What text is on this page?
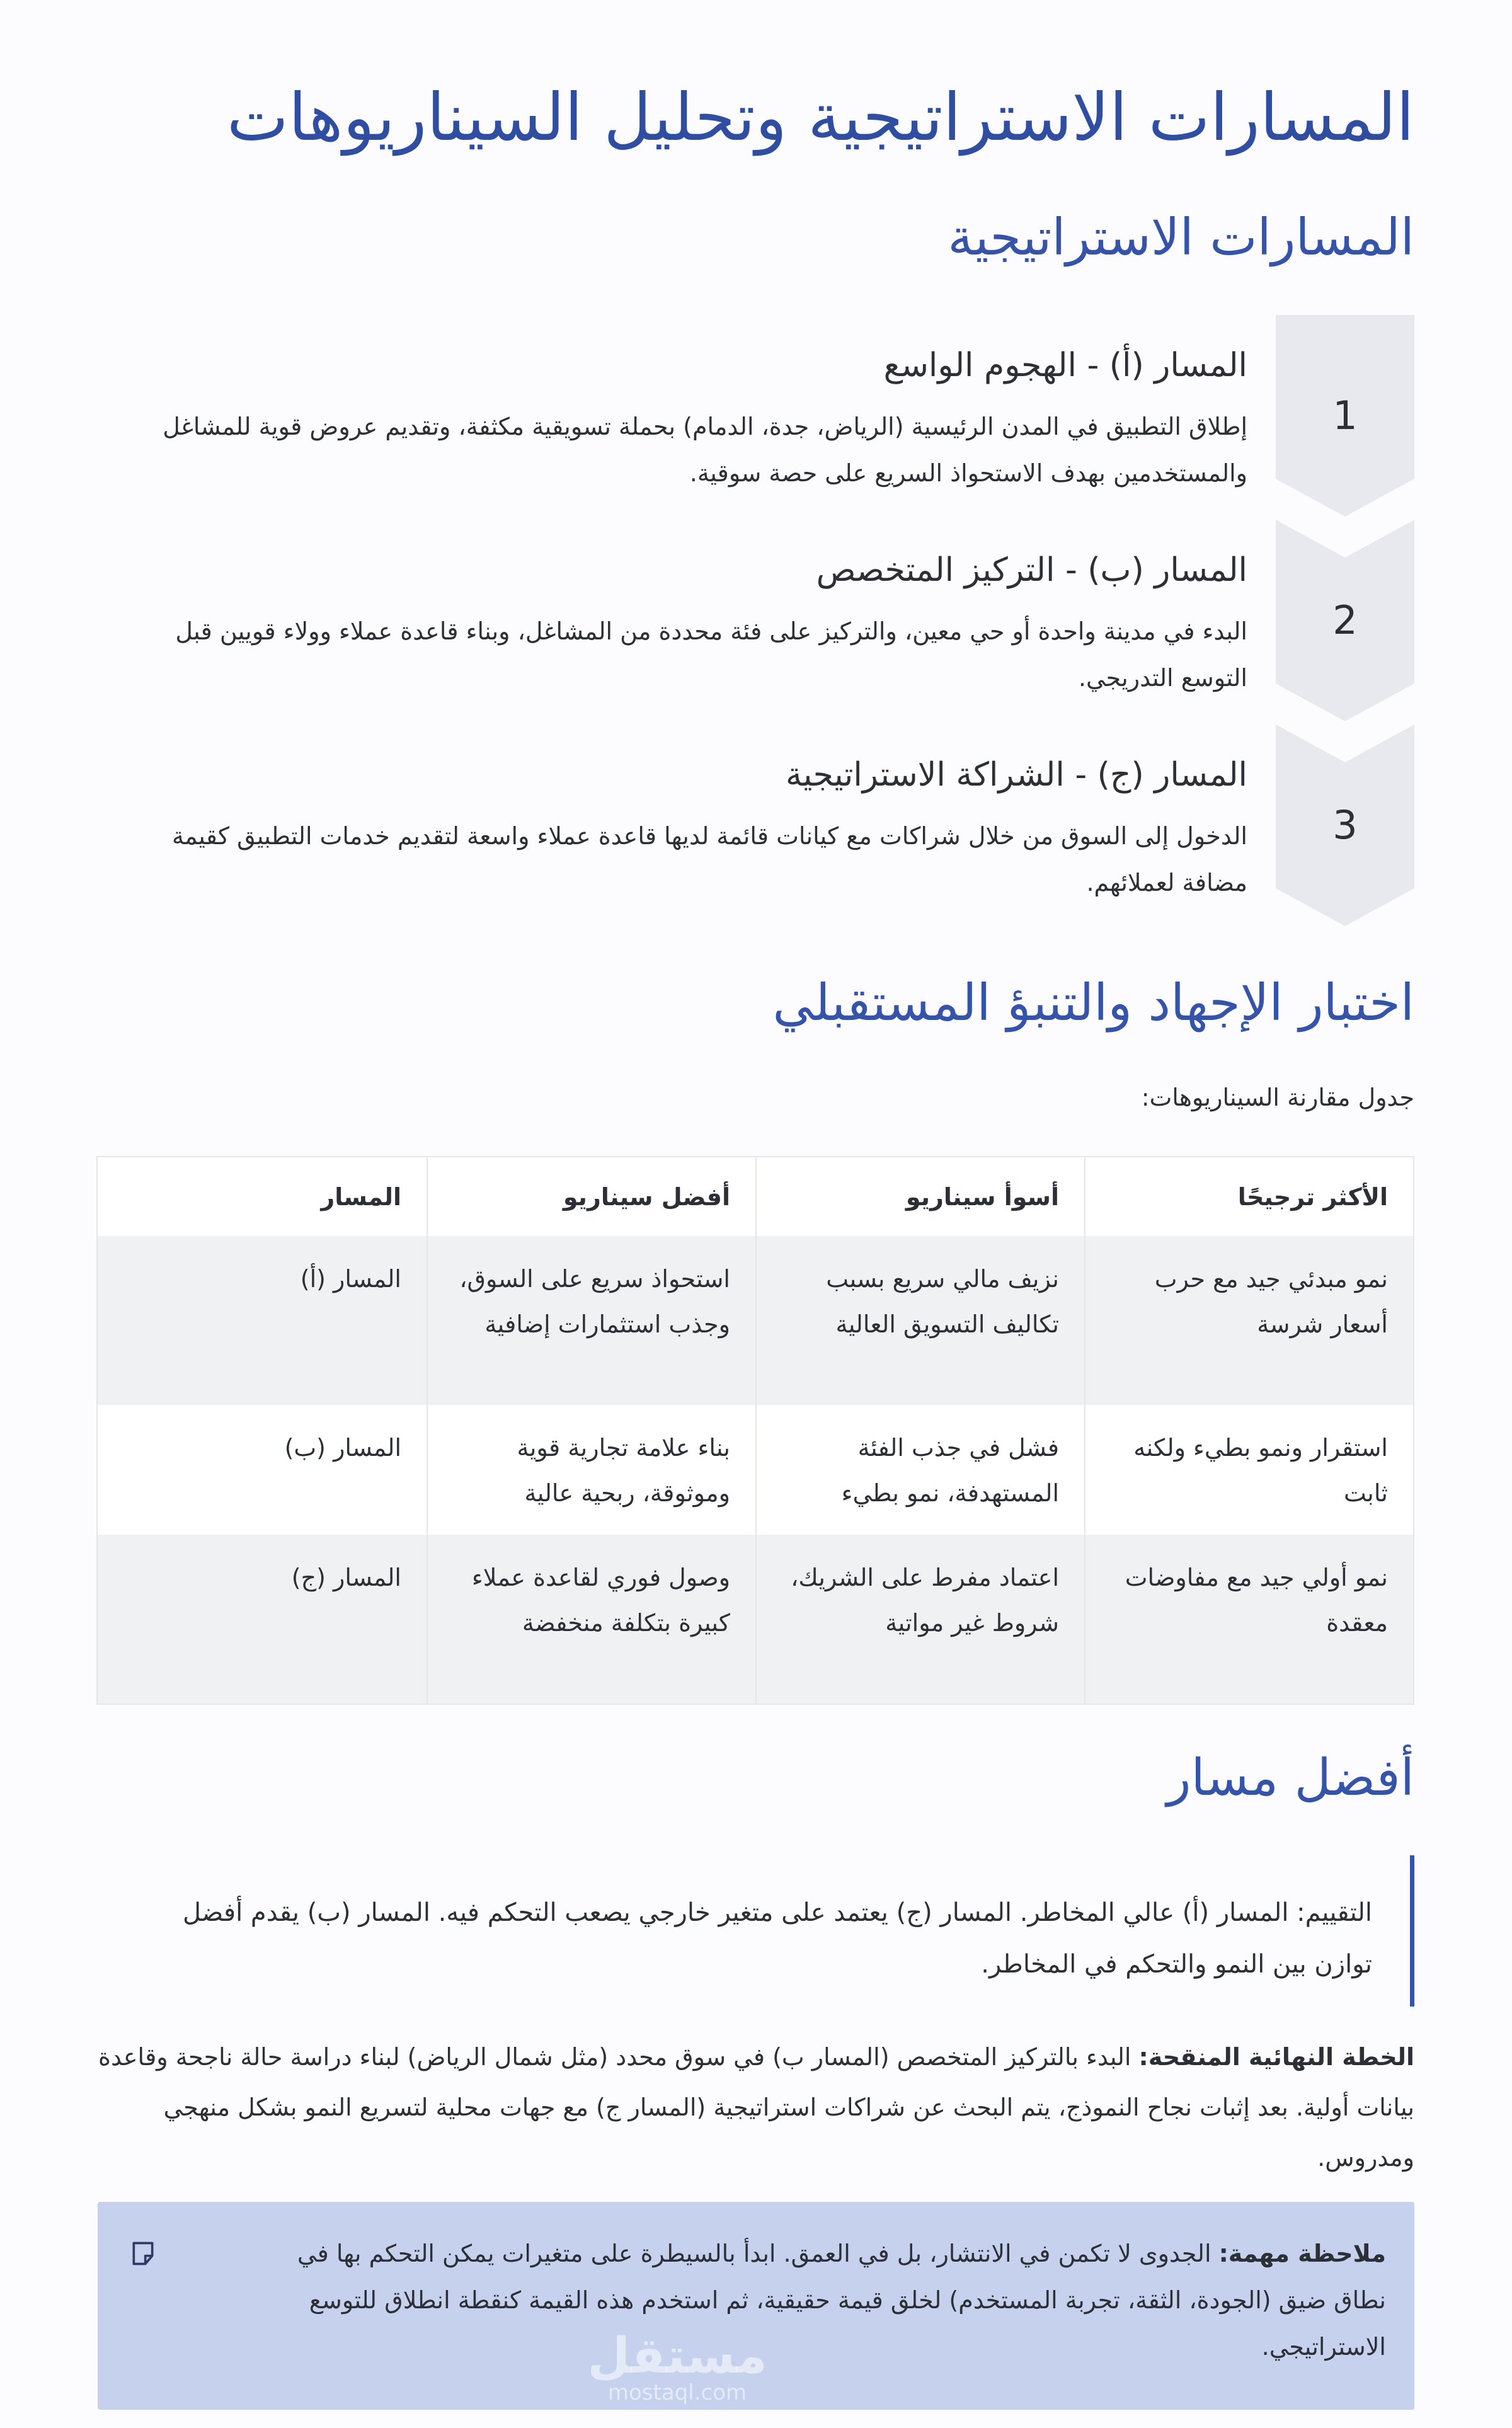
المسارات الاستراتيجية وتحليل السيناريوهات
المسارات الاستراتيجية
1
المسار (أ) - الهجوم الواسع
إطلاق التطبيق في المدن الرئيسية (الرياض، جدة، الدمام) بحملة تسويقية مكثفة، وتقديم عروض قوية للمشاغل والمستخدمين بهدف الاستحواذ السريع على حصة سوقية.
2
المسار (ب) - التركيز المتخصص
البدء في مدينة واحدة أو حي معين، والتركيز على فئة محددة من المشاغل، وبناء قاعدة عملاء وولاء قويين قبل التوسع التدريجي.
3
المسار (ج) - الشراكة الاستراتيجية
الدخول إلى السوق من خلال شراكات مع كيانات قائمة لديها قاعدة عملاء واسعة لتقديم خدمات التطبيق كقيمة مضافة لعملائهم.
اختبار الإجهاد والتنبؤ المستقبلي
جدول مقارنة السيناريوهات:
الأكثر ترجيحًا	أسوأ سيناريو	أفضل سيناريو	المسار
نمو مبدئي جيد مع حرب أسعار شرسة	نزيف مالي سريع بسبب تكاليف التسويق العالية	استحواذ سريع على السوق، وجذب استثمارات إضافية	المسار (أ)
استقرار ونمو بطيء ولكنه ثابت	فشل في جذب الفئة المستهدفة، نمو بطيء	بناء علامة تجارية قوية وموثوقة، ربحية عالية	المسار (ب)
نمو أولي جيد مع مفاوضات معقدة	اعتماد مفرط على الشريك، شروط غير مواتية	وصول فوري لقاعدة عملاء كبيرة بتكلفة منخفضة	المسار (ج)
أفضل مسار
التقييم: المسار (أ) عالي المخاطر. المسار (ج) يعتمد على متغير خارجي يصعب التحكم فيه. المسار (ب) يقدم أفضل توازن بين النمو والتحكم في المخاطر.
الخطة النهائية المنقحة: البدء بالتركيز المتخصص (المسار ب) في سوق محدد (مثل شمال الرياض) لبناء دراسة حالة ناجحة وقاعدة بيانات أولية. بعد إثبات نجاح النموذج، يتم البحث عن شراكات استراتيجية (المسار ج) مع جهات محلية لتسريع النمو بشكل منهجي ومدروس.
ملاحظة مهمة: الجدوى لا تكمن في الانتشار، بل في العمق. ابدأ بالسيطرة على متغيرات يمكن التحكم بها في نطاق ضيق (الجودة، الثقة، تجربة المستخدم) لخلق قيمة حقيقية، ثم استخدم هذه القيمة كنقطة انطلاق للتوسع الاستراتيجي.
مستقل
mostaql.com
